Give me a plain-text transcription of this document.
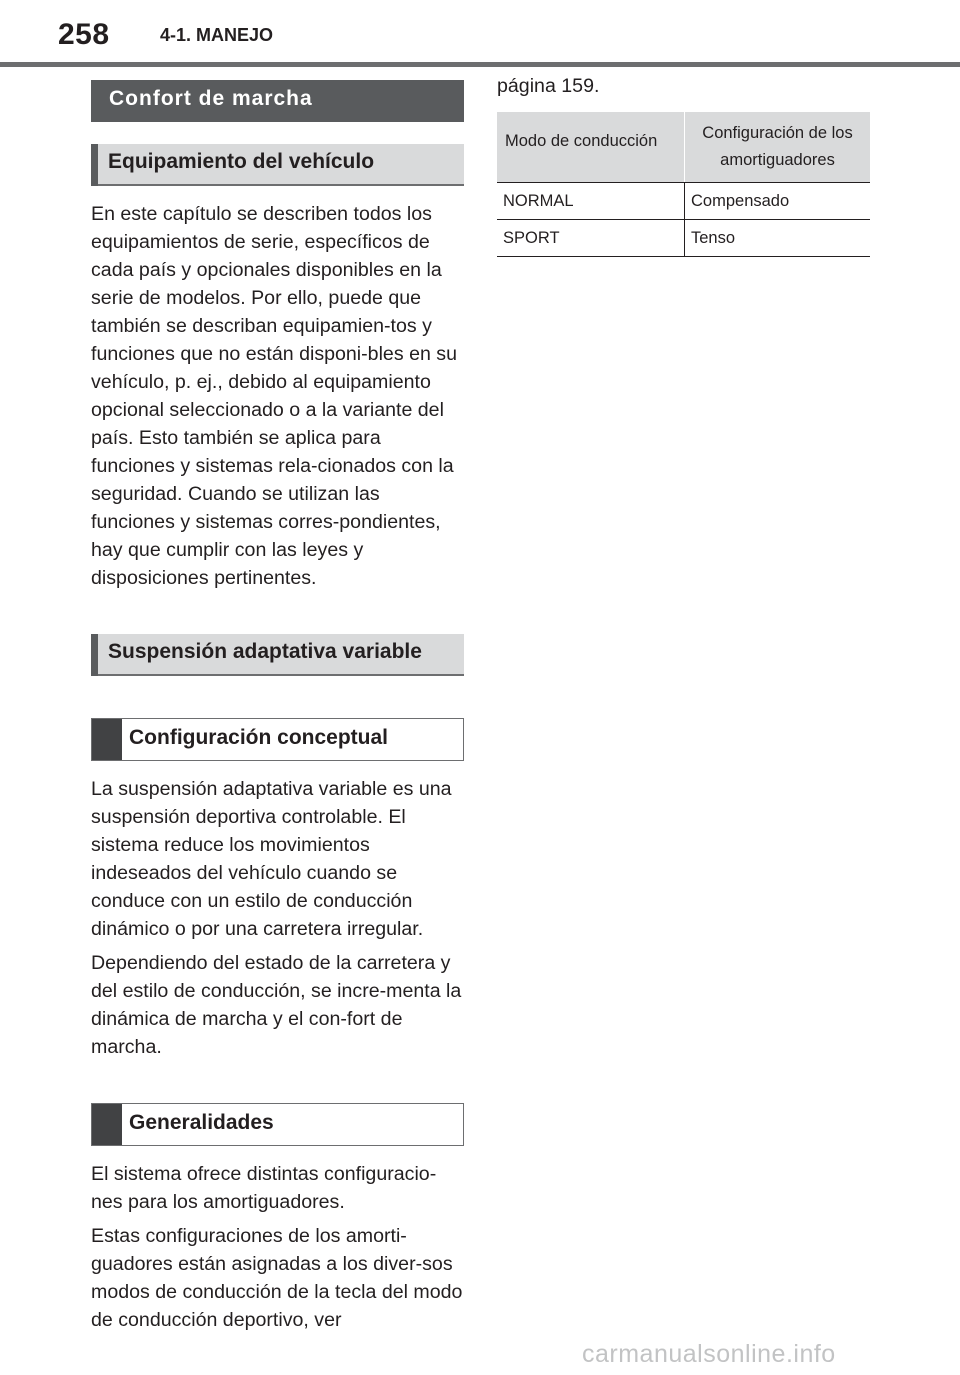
258	4-1. MANEJO
Confort de marcha
Equipamiento del vehículo

En este capítulo se describen todos los equipamientos de serie, específicos de cada país y opcionales disponibles en la serie de modelos. Por ello, puede que también se describan equipamien-tos y funciones que no están disponi-bles en su vehículo, p. ej., debido al equipamiento opcional seleccionado o a la variante del país. Esto también se aplica para funciones y sistemas rela-cionados con la seguridad. Cuando se utilizan las funciones y sistemas corres-pondientes, hay que cumplir con las leyes y disposiciones pertinentes.

Suspensión adaptativa variable
Configuración conceptual

La suspensión adaptativa variable es una suspensión deportiva controlable. El sistema reduce los movimientos indeseados del vehículo cuando se conduce con un estilo de conducción dinámico o por una carretera irregular.

Dependiendo del estado de la carretera y del estilo de conducción, se incre-menta la dinámica de marcha y el con-fort de marcha.

Generalidades

El sistema ofrece distintas configuracio-nes para los amortiguadores.

Estas configuraciones de los amorti-guadores están asignadas a los diver-sos modos de conducción de la tecla del modo de conducción deportivo, ver

página 159.

Modo de conducción	Configuración de los amortiguadores
NORMAL	Compensado
SPORT	Tenso
carmanualsonline.info
